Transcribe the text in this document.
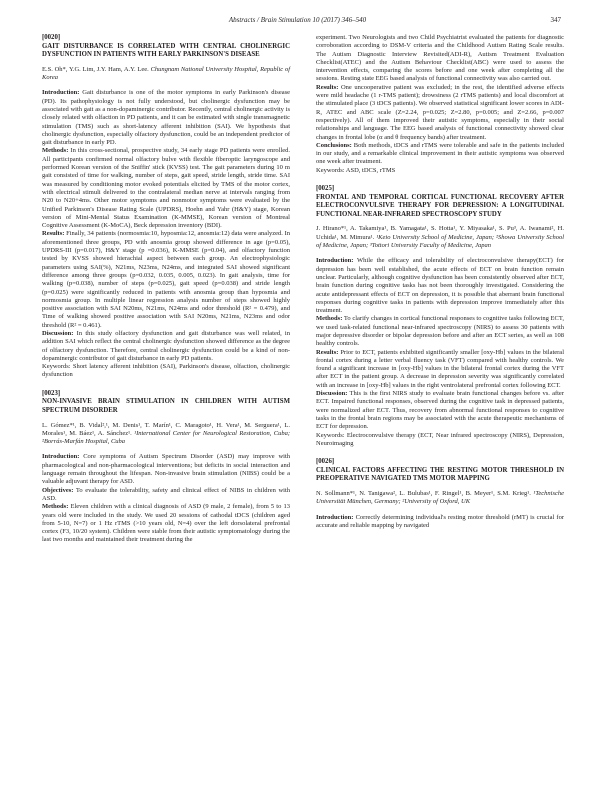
Abstracts / Brain Stimulation 10 (2017) 346–540	347

[0020]

GAIT DISTURBANCE IS CORRELATED WITH CENTRAL CHOLINERGIC DYSFUNCTION IN PATIENTS WITH EARLY PARKINSON'S DISEASE

E.S. Oh*, Y.G. Lim, J.Y. Ham, A.Y. Lee. Chungnam National University Hospital, Republic of Korea

Introduction: Gait disturbance is one of the motor symptoms in early Parkinson's disease (PD). Its pathophysiology is not fully understood, but cholinergic dysfunction may be associated with gait as a non-dopaminergic contributor. Recently, central cholinergic activity is closely related with olfaction in PD patients, and it can be estimated with single transmagnetic stimulation (TMS) such as short-latency afferent inhibition (SAI). We hypothesis that cholinergic dysfunction, especially olfactory dysfunction, could be an independent predictor of gait disturbance in early PD.

Methods: In this cross-sectional, prospective study, 34 early stage PD patients were enrolled. All participants confirmed normal olfactory bulve with flexible fiberoptic laryngoscope and performed Korean version of the Sniffin' stick (KVSS) test. The gait parameters during 10 m gait consisted of time for walking, number of steps, gait speed, stride length, stride time. SAI was measured by conditioning motor evoked potentials elicited by TMS of the motor cortex, with electrical stimuli delivered to the contralateral median nerve at intervals ranging from N20 to N20+4ms. Other motor symptoms and nonmotor symptoms were evaluated by the Unified Parkinson's Disease Rating Scale (UPDRS), Hoehn and Yahr (H&Y) stage, Korean version of Mini-Mental Status Examination (K-MMSE), Korean version of Montreal Cognitive Assessment (K-MoCA), Beck depression inventory (BDI).

Results: Finally, 34 patients (normosmia:10, hyposmia:12, anosmia:12) data were analyzed. In aforementioned three groups, PD with anosmia group showed difference in age (p=0.05), UPDRS-III (p=0.017), H&Y stage (p =0.036), K-MMSE (p=0.04), and olfactory function tested by KVSS showed hierachial aspect between each group. An electrophysiologic parameters using SAI(%), N21ms, N23ms, N24ms, and integrated SAI showed significant difference among three groups (p=0.032, 0.035, 0.005, 0.023). In gait analysis, time for walking (p=0.038), number of steps (p=0.025), gait speed (p=0.038) and stride length (p=0.025) were significantly reduced in patients with anosmia group than hyposmia and normosmia group. In multiple linear regression analysis number of steps showed highly positive association with SAI N20ms, N21ms, N24ms and odor threshold (R² = 0.479), and Time of walking showed positive association with SAI N20ms, N21ms, N23ms and odor threshold (R² = 0.461).

Discussion: In this study olfactory dysfunction and gait disturbance was well related, in addition SAI which reflect the central cholinergic dysfunction showed difference as the degree of olfactory dysfunction. Therefore, central cholinergic dysfunction could be a kind of non-dopaminergic contributor of gait disturbance in early PD patients.

Keywords: Short latency afferent inhibition (SAI), Parkinson's disease, olfaction, cholinergic dysfunction

[0023]

NON-INVASIVE BRAIN STIMULATION IN CHILDREN WITH AUTISM SPECTRUM DISORDER

L. Gómez*¹, B. Vidal²,¹, M. Denis¹, T. Marín¹, C. Maragoto¹, H. Vera¹, M. Serguera¹, L. Morales¹, M. Báez¹, A. Sánchez¹. ¹International Center for Neurological Restoration, Cuba; ²Borrás-Marfán Hospital, Cuba

Introduction: Core symptoms of Autism Spectrum Disorder (ASD) may improve with pharmacological and non-pharmacological interventions; but deficits in social interaction and language remain throughout the lifespan. Non-invasive brain stimulation (NIBS) could be a valuable adjuvant therapy for ASD.

Objectives: To evaluate the tolerability, safety and clinical effect of NIBS in children with ASD.

Methods: Eleven children with a clinical diagnosis of ASD (9 male, 2 female), from 5 to 13 years old were included in the study. We used 20 sessions of cathodal tDCS (children aged from 5-10, N=7) or 1 Hz rTMS (>10 years old, N=4) over the left dorsolateral prefrontal cortex (F3, 10/20 system). Children were stable from their autistic symptomatology during the last two months and maintained their treatment during the

experiment. Two Neurologists and two Child Psychiatrist evaluated the patients for diagnostic corroboration according to DSM-V criteria and the Childhood Autism Rating Scale results. The Autism Diagnostic Interview Revisited(ADI-R), Autism Treatment Evaluation Checklist(ATEC) and the Autism Behaviour Checklist(ABC) were used to assess the intervention effects, comparing the scores before and one week after completing all the sessions. Resting state EEG based analysis of functional connectivity was also carried out.

Results: One uncooperative patient was excluded; in the rest, the identified adverse effects were mild headache (1 r-TMS patient); drowsiness (2 rTMS patients) and local discomfort at the stimulated place (3 tDCS patients). We observed statistical significant lower scores in ADI-R, ATEC and ABC scale (Z=2.24, p=0.025; Z=2.80, p=0.005; and Z=2.66, p=0.007 respectively). All of them improved their autistic symptoms, especially in their social relationships and language. The EEG based analysis of functional connectivity showed clear changes in frontal lobe (α and θ frequency bands) after treatment.

Conclusions: Both methods, tDCS and rTMS were tolerable and safe in the patients included in our study, and a remarkable clinical improvement in their autistic symptoms was observed one week after treatment.

Keywords: ASD, tDCS, rTMS

[0025]

FRONTAL AND TEMPORAL CORTICAL FUNCTIONAL RECOVERY AFTER ELECTROCONVULSIVE THERAPY FOR DEPRESSION: A LONGITUDINAL FUNCTIONAL NEAR-INFRARED SPECTROSCOPY STUDY

J. Hirano*¹, A. Takamiya¹, B. Yamagata¹, S. Hotta¹, Y. Miyasaka¹, S. Pu³, A. Iwanami², H. Uchida¹, M. Mimura¹. ¹Keio University School of Medicine, Japan; ²Showa University School of Medicine, Japan; ³Tottori University Faculty of Medicine, Japan

Introduction: While the efficacy and tolerability of electroconvulsive therapy(ECT) for depression has been well established, the acute effects of ECT on brain function remain unclear. Particularly, although cognitive dysfunction has been consistently observed after ECT, brain function during cognitive tasks has not been thoroughly investigated. Considering the acute antidepressant effects of ECT on depression, it is possible that aberrant brain functional responses during cognitive tasks in patients with depression improve immediately after this treatment.

Methods: To clarify changes in cortical functional responses to cognitive tasks following ECT, we used task-related functional near-infrared spectroscopy (NIRS) to assess 30 patients with major depressive disorder or bipolar depression before and after an ECT series, as well as 108 healthy controls.

Results: Prior to ECT, patients exhibited significantly smaller [oxy-Hb] values in the bilateral frontal cortex during a letter verbal fluency task (VFT) compared with healthy controls. We found a significant increase in [oxy-Hb] values in the bilateral frontal cortex during the VFT after ECT in the patient group. A decrease in depression severity was significantly correlated with an increase in [oxy-Hb] values in the right ventrolateral prefrontal cortex following ECT.

Discussion: This is the first NIRS study to evaluate brain functional changes before vs. after ECT. Impaired functional responses, observed during the cognitive task in depressed patients, were normalized after ECT. Thus, recovery from abnormal functional responses to cognitive tasks in the frontal brain regions may be associated with the acute therapeutic mechanisms of ECT for depression.

Keywords: Electroconvulsive therapy (ECT, Near infrared spectroscopy (NIRS), Depression, Neuroimaging

[0026]

CLINICAL FACTORS AFFECTING THE RESTING MOTOR THRESHOLD IN PREOPERATIVE NAVIGATED TMS MOTOR MAPPING

N. Sollmann*¹, N. Tanigawa², L. Bulubas¹, F. Ringel¹, B. Meyer¹, S.M. Krieg¹. ¹Technische Universität München, Germany; ²University of Oxford, UK

Introduction: Correctly determining individual's resting motor threshold (rMT) is crucial for accurate and reliable mapping by navigated
